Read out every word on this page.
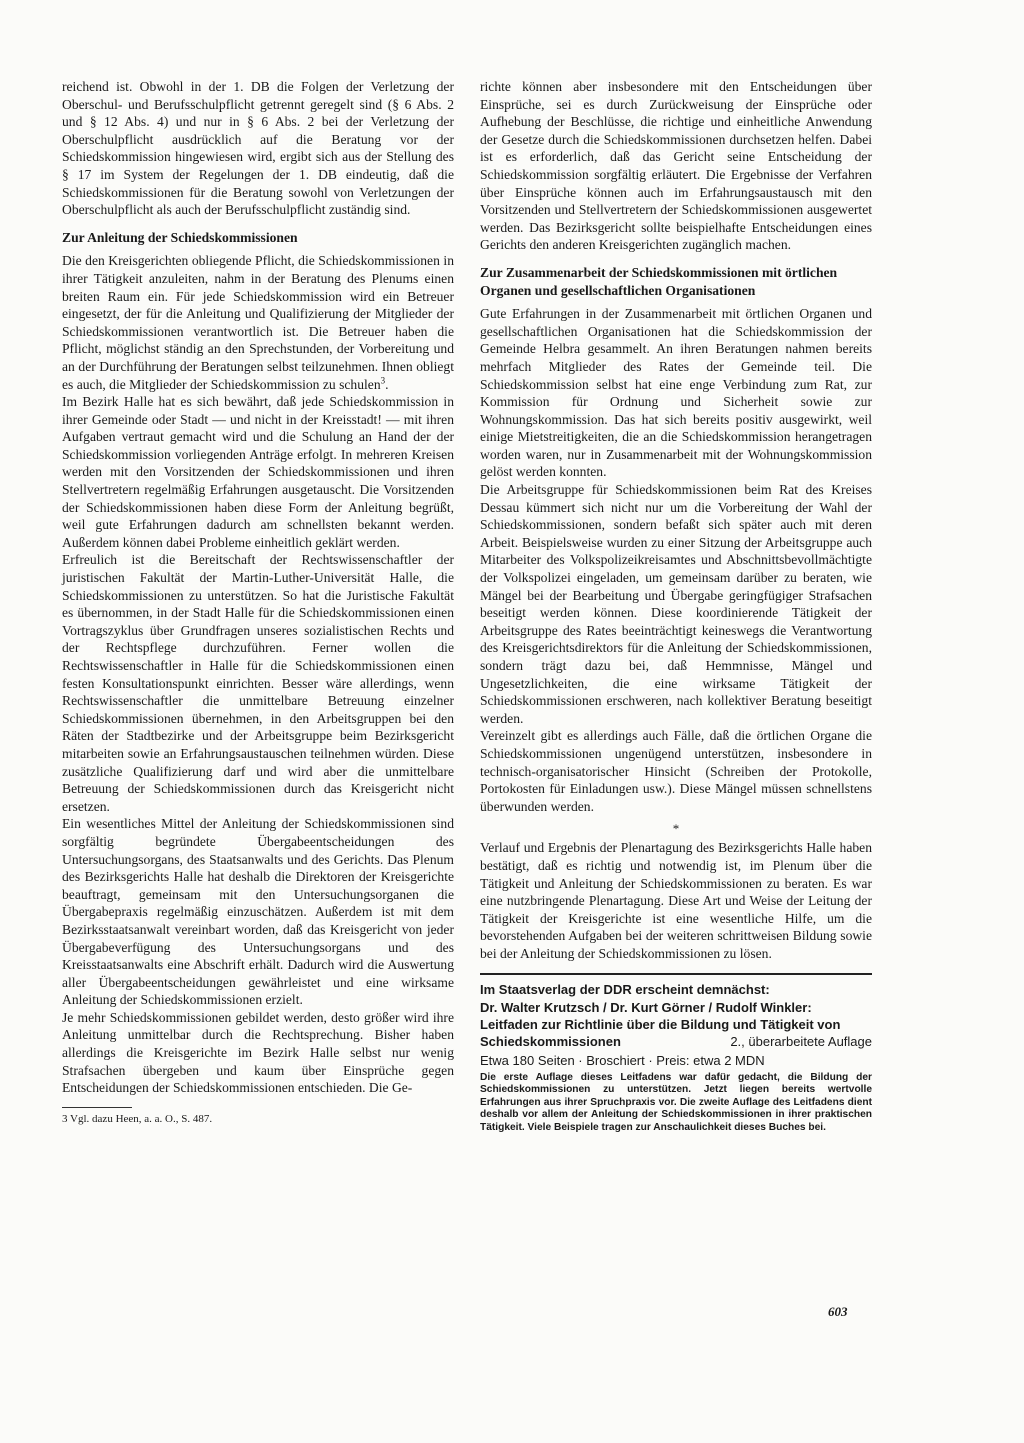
reichend ist. Obwohl in der 1. DB die Folgen der Verletzung der Oberschul- und Berufsschulpflicht getrennt geregelt sind (§ 6 Abs. 2 und § 12 Abs. 4) und nur in § 6 Abs. 2 bei der Verletzung der Oberschulpflicht ausdrücklich auf die Beratung vor der Schiedskommission hingewiesen wird, ergibt sich aus der Stellung des § 17 im System der Regelungen der 1. DB eindeutig, daß die Schiedskommissionen für die Beratung sowohl von Verletzungen der Oberschulpflicht als auch der Berufsschulpflicht zuständig sind.

Zur Anleitung der Schiedskommissionen

Die den Kreisgerichten obliegende Pflicht, die Schiedskommissionen in ihrer Tätigkeit anzuleiten, nahm in der Beratung des Plenums einen breiten Raum ein. Für jede Schiedskommission wird ein Betreuer eingesetzt, der für die Anleitung und Qualifizierung der Mitglieder der Schiedskommissionen verantwortlich ist. Die Betreuer haben die Pflicht, möglichst ständig an den Sprechstunden, der Vorbereitung und an der Durchführung der Beratungen selbst teilzunehmen. Ihnen obliegt es auch, die Mitglieder der Schiedskommission zu schulen$^3$.

Im Bezirk Halle hat es sich bewährt, daß jede Schiedskommission in ihrer Gemeinde oder Stadt — und nicht in der Kreisstadt! — mit ihren Aufgaben vertraut gemacht wird und die Schulung an Hand der der Schiedskommission vorliegenden Anträge erfolgt. In mehreren Kreisen werden mit den Vorsitzenden der Schiedskommissionen und ihren Stellvertretern regelmäßig Erfahrungen ausgetauscht. Die Vorsitzenden der Schiedskommissionen haben diese Form der Anleitung begrüßt, weil gute Erfahrungen dadurch am schnellsten bekannt werden. Außerdem können dabei Probleme einheitlich geklärt werden.

Erfreulich ist die Bereitschaft der Rechtswissenschaftler der juristischen Fakultät der Martin-Luther-Universität Halle, die Schiedskommissionen zu unterstützen. So hat die Juristische Fakultät es übernommen, in der Stadt Halle für die Schiedskommissionen einen Vortragszyklus über Grundfragen unseres sozialistischen Rechts und der Rechtspflege durchzuführen. Ferner wollen die Rechtswissenschaftler in Halle für die Schiedskommissionen einen festen Konsultationspunkt einrichten. Besser wäre allerdings, wenn Rechtswissenschaftler die unmittelbare Betreuung einzelner Schiedskommissionen übernehmen, in den Arbeitsgruppen bei den Räten der Stadtbezirke und der Arbeitsgruppe beim Bezirksgericht mitarbeiten sowie an Erfahrungsaustauschen teilnehmen würden. Diese zusätzliche Qualifizierung darf und wird aber die unmittelbare Betreuung der Schiedskommissionen durch das Kreisgericht nicht ersetzen.

Ein wesentliches Mittel der Anleitung der Schiedskommissionen sind sorgfältig begründete Übergabeentscheidungen des Untersuchungsorgans, des Staatsanwalts und des Gerichts. Das Plenum des Bezirksgerichts Halle hat deshalb die Direktoren der Kreisgerichte beauftragt, gemeinsam mit den Untersuchungsorganen die Übergabepraxis regelmäßig einzuschätzen. Außerdem ist mit dem Bezirksstaatsanwalt vereinbart worden, daß das Kreisgericht von jeder Übergabeverfügung des Untersuchungsorgans und des Kreisstaatsanwalts eine Abschrift erhält. Dadurch wird die Auswertung aller Übergabeentscheidungen gewährleistet und eine wirksame Anleitung der Schiedskommissionen erzielt.

Je mehr Schiedskommissionen gebildet werden, desto größer wird ihre Anleitung unmittelbar durch die Rechtsprechung. Bisher haben allerdings die Kreisgerichte im Bezirk Halle selbst nur wenig Strafsachen übergeben und kaum über Einsprüche gegen Entscheidungen der Schiedskommissionen entschieden. Die Ge-

3 Vgl. dazu Heen, a. a. O., S. 487.

richte können aber insbesondere mit den Entscheidungen über Einsprüche, sei es durch Zurückweisung der Einsprüche oder Aufhebung der Beschlüsse, die richtige und einheitliche Anwendung der Gesetze durch die Schiedskommissionen durchsetzen helfen. Dabei ist es erforderlich, daß das Gericht seine Entscheidung der Schiedskommission sorgfältig erläutert. Die Ergebnisse der Verfahren über Einsprüche können auch im Erfahrungsaustausch mit den Vorsitzenden und Stellvertretern der Schiedskommissionen ausgewertet werden. Das Bezirksgericht sollte beispielhafte Entscheidungen eines Gerichts den anderen Kreisgerichten zugänglich machen.

Zur Zusammenarbeit der Schiedskommissionen mit örtlichen Organen und gesellschaftlichen Organisationen

Gute Erfahrungen in der Zusammenarbeit mit örtlichen Organen und gesellschaftlichen Organisationen hat die Schiedskommission der Gemeinde Helbra gesammelt. An ihren Beratungen nahmen bereits mehrfach Mitglieder des Rates der Gemeinde teil. Die Schiedskommission selbst hat eine enge Verbindung zum Rat, zur Kommission für Ordnung und Sicherheit sowie zur Wohnungskommission. Das hat sich bereits positiv ausgewirkt, weil einige Mietstreitigkeiten, die an die Schiedskommission herangetragen worden waren, nur in Zusammenarbeit mit der Wohnungskommission gelöst werden konnten.

Die Arbeitsgruppe für Schiedskommissionen beim Rat des Kreises Dessau kümmert sich nicht nur um die Vorbereitung der Wahl der Schiedskommissionen, sondern befaßt sich später auch mit deren Arbeit. Beispielsweise wurden zu einer Sitzung der Arbeitsgruppe auch Mitarbeiter des Volkspolizeikreisamtes und Abschnittsbevollmächtigte der Volkspolizei eingeladen, um gemeinsam darüber zu beraten, wie Mängel bei der Bearbeitung und Übergabe geringfügiger Strafsachen beseitigt werden können. Diese koordinierende Tätigkeit der Arbeitsgruppe des Rates beeinträchtigt keineswegs die Verantwortung des Kreisgerichtsdirektors für die Anleitung der Schiedskommissionen, sondern trägt dazu bei, daß Hemmnisse, Mängel und Ungesetzlichkeiten, die eine wirksame Tätigkeit der Schiedskommissionen erschweren, nach kollektiver Beratung beseitigt werden.

Vereinzelt gibt es allerdings auch Fälle, daß die örtlichen Organe die Schiedskommissionen ungenügend unterstützen, insbesondere in technisch-organisatorischer Hinsicht (Schreiben der Protokolle, Portokosten für Einladungen usw.). Diese Mängel müssen schnellstens überwunden werden.

*

Verlauf und Ergebnis der Plenartagung des Bezirksgerichts Halle haben bestätigt, daß es richtig und notwendig ist, im Plenum über die Tätigkeit und Anleitung der Schiedskommissionen zu beraten. Es war eine nutzbringende Plenartagung. Diese Art und Weise der Leitung der Tätigkeit der Kreisgerichte ist eine wesentliche Hilfe, um die bevorstehenden Aufgaben bei der weiteren schrittweisen Bildung sowie bei der Anleitung der Schiedskommissionen zu lösen.

Im Staatsverlag der DDR erscheint demnächst:
Dr. Walter Krutzsch / Dr. Kurt Görner / Rudolf Winkler:
Leitfaden zur Richtlinie über die Bildung und Tätigkeit von
Schiedskommissionen	2., überarbeitete Auflage
Etwa 180 Seiten · Broschiert · Preis: etwa 2 MDN
Die erste Auflage dieses Leitfadens war dafür gedacht, die Bildung der Schiedskommissionen zu unterstützen. Jetzt liegen bereits wertvolle Erfahrungen aus ihrer Spruchpraxis vor. Die zweite Auflage des Leitfadens dient deshalb vor allem der Anleitung der Schiedskommissionen in ihrer praktischen Tätigkeit. Viele Beispiele tragen zur Anschaulichkeit dieses Buches bei.
603
